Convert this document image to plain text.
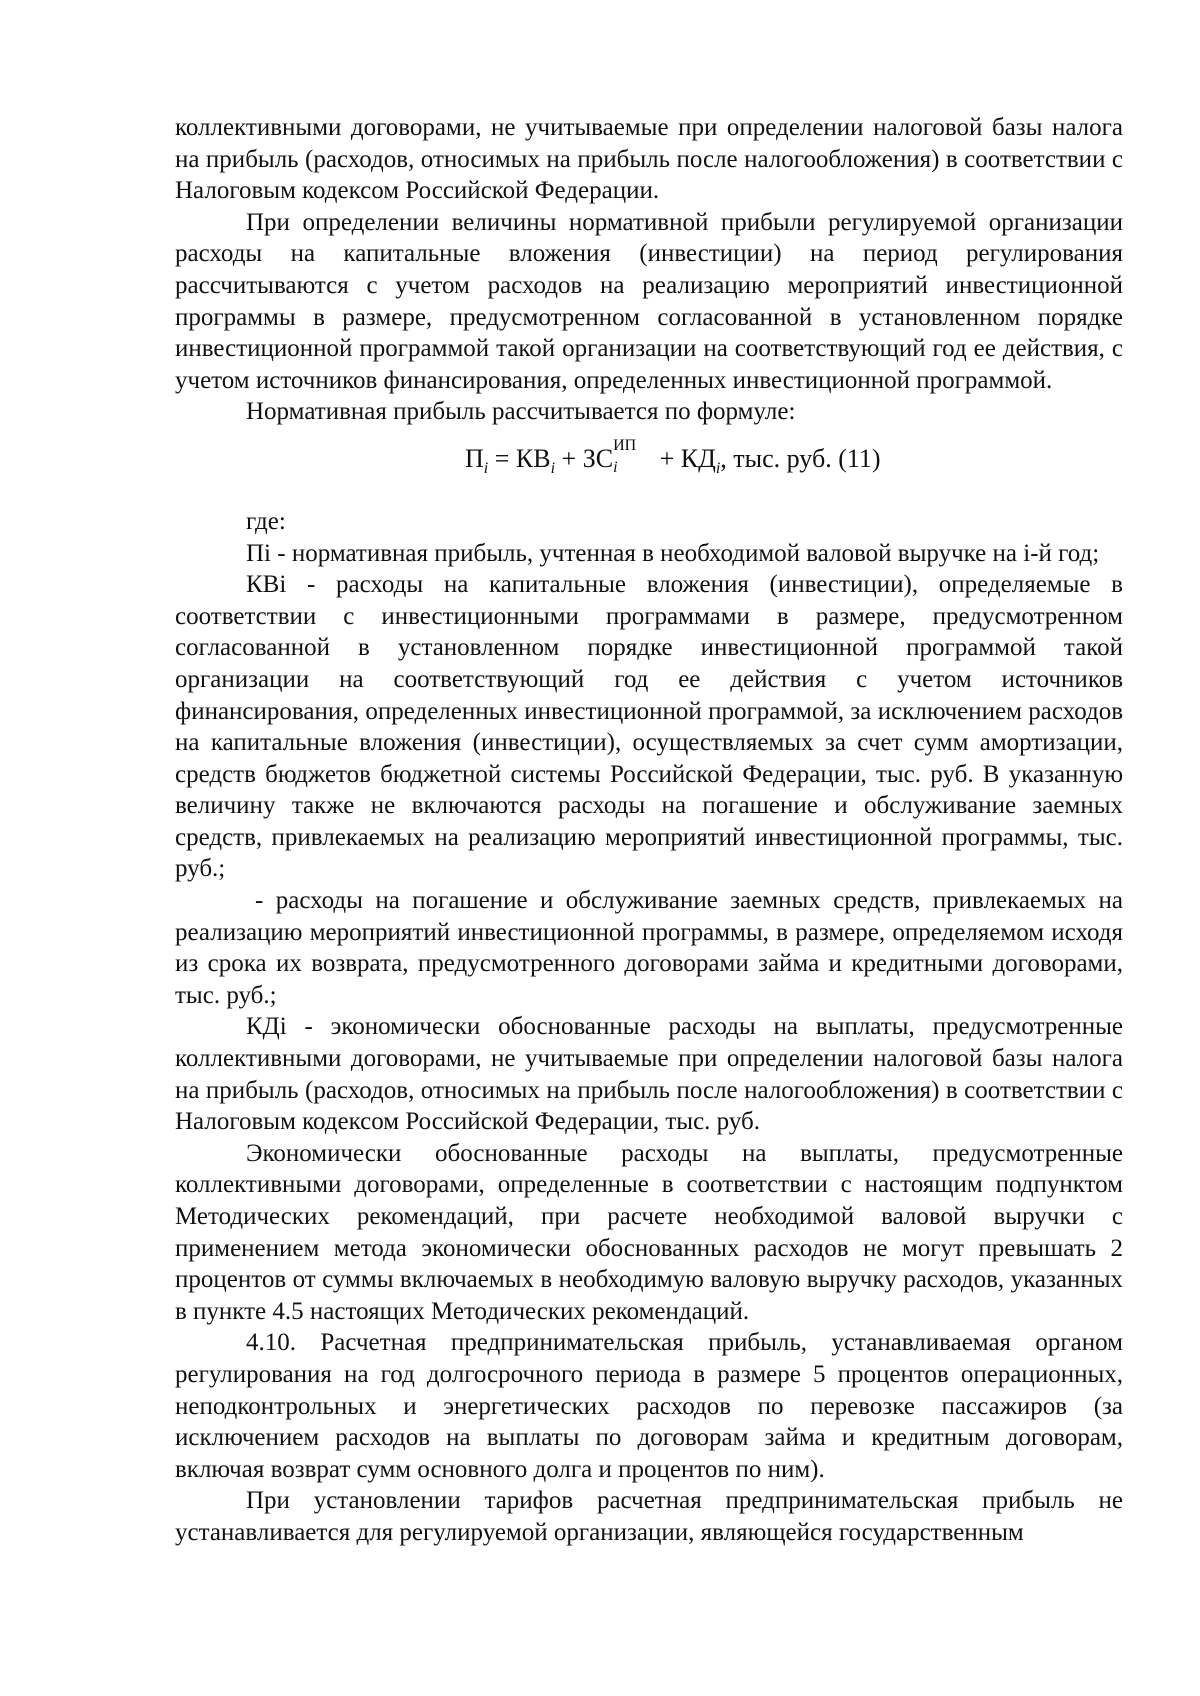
коллективными договорами, не учитываемые при определении налоговой базы налога на прибыль (расходов, относимых на прибыль после налогообложения) в соответствии с Налоговым кодексом Российской Федерации.

При определении величины нормативной прибыли регулируемой организации расходы на капитальные вложения (инвестиции) на период регулирования рассчитываются с учетом расходов на реализацию мероприятий инвестиционной программы в размере, предусмотренном согласованной в установленном порядке инвестиционной программой такой организации на соответствующий год ее действия, с учетом источников финансирования, определенных инвестиционной программой.

Нормативная прибыль рассчитывается по формуле:

$П_i = КВ_i$ + ЗС ИП
$i + КД_i$, тыс. руб. (11)

где:

Пi - нормативная прибыль, учтенная в необходимой валовой выручке на i-й год;

КВi - расходы на капитальные вложения (инвестиции), определяемые в соответствии с инвестиционными программами в размере, предусмотренном согласованной в установленном порядке инвестиционной программой такой организации на соответствующий год ее действия с учетом источников финансирования, определенных инвестиционной программой, за исключением расходов на капитальные вложения (инвестиции), осуществляемых за счет сумм амортизации, средств бюджетов бюджетной системы Российской Федерации, тыс. руб. В указанную величину также не включаются расходы на погашение и обслуживание заемных средств, привлекаемых на реализацию мероприятий инвестиционной программы, тыс. руб.;

- расходы на погашение и обслуживание заемных средств, привлекаемых на реализацию мероприятий инвестиционной программы, в размере, определяемом исходя из срока их возврата, предусмотренного договорами займа и кредитными договорами, тыс. руб.;

КДi - экономически обоснованные расходы на выплаты, предусмотренные коллективными договорами, не учитываемые при определении налоговой базы налога на прибыль (расходов, относимых на прибыль после налогообложения) в соответствии с Налоговым кодексом Российской Федерации, тыс. руб.

Экономически обоснованные расходы на выплаты, предусмотренные коллективными договорами, определенные в соответствии с настоящим подпунктом Методических рекомендаций, при расчете необходимой валовой выручки с применением метода экономически обоснованных расходов не могут превышать 2 процентов от суммы включаемых в необходимую валовую выручку расходов, указанных в пункте 4.5 настоящих Методических рекомендаций.

4.10. Расчетная предпринимательская прибыль, устанавливаемая органом регулирования на год долгосрочного периода в размере 5 процентов операционных, неподконтрольных и энергетических расходов по перевозке пассажиров (за исключением расходов на выплаты по договорам займа и кредитным договорам, включая возврат сумм основного долга и процентов по ним).

При установлении тарифов расчетная предпринимательская прибыль не устанавливается для регулируемой организации, являющейся государственным
